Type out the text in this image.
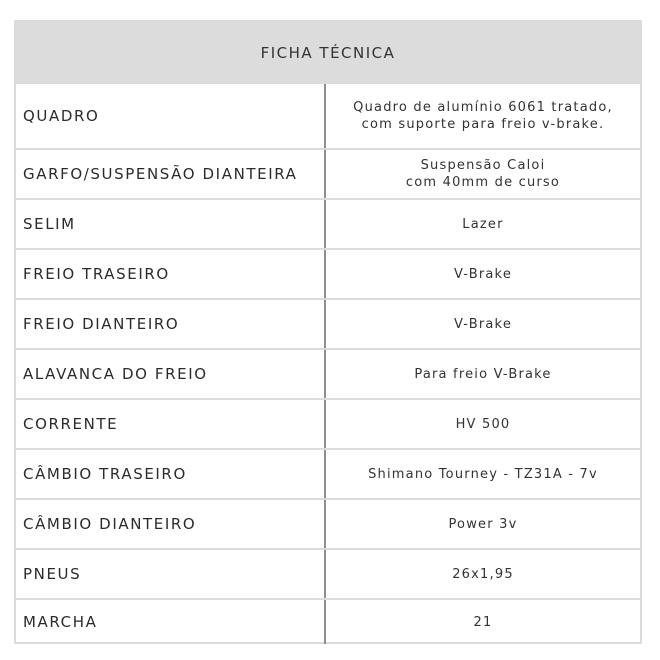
FICHA TÉCNICA
QUADRO	Quadro de alumínio 6061 tratado,
com suporte para freio v-brake.
GARFO/SUSPENSÃO DIANTEIRA	Suspensão Caloi
com 40mm de curso
SELIM	Lazer
FREIO TRASEIRO	V-Brake
FREIO DIANTEIRO	V-Brake
ALAVANCA DO FREIO	Para freio V-Brake
CORRENTE	HV 500
CÂMBIO TRASEIRO	Shimano Tourney - TZ31A - 7v
CÂMBIO DIANTEIRO	Power 3v
PNEUS	26x1,95
MARCHA	21
